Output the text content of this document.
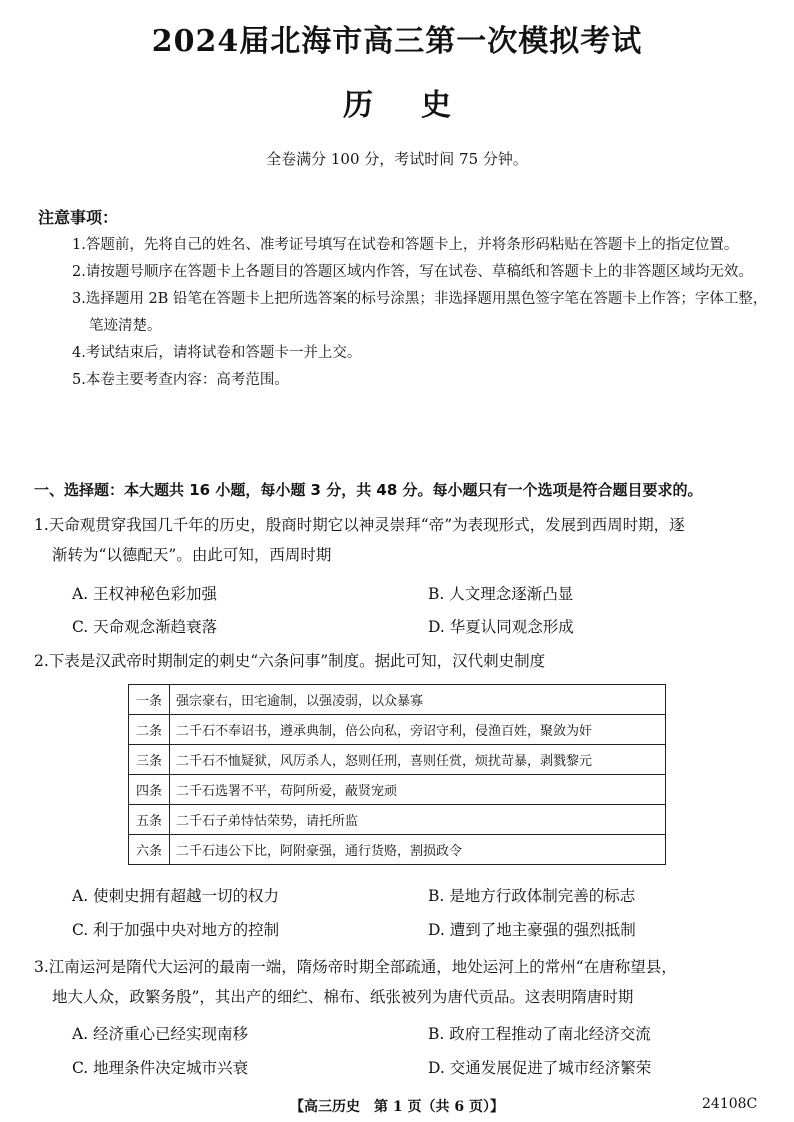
2024届北海市高三第一次模拟考试
历史
全卷满分 100 分，考试时间 75 分钟。
注意事项：
1.答题前，先将自己的姓名、准考证号填写在试卷和答题卡上，并将条形码粘贴在答题卡上的指定位置。
2.请按题号顺序在答题卡上各题目的答题区域内作答，写在试卷、草稿纸和答题卡上的非答题区域均无效。
3.选择题用 2B 铅笔在答题卡上把所选答案的标号涂黑；非选择题用黑色签字笔在答题卡上作答；字体工整，笔迹清楚。
4.考试结束后，请将试卷和答题卡一并上交。
5.本卷主要考查内容：高考范围。
一、选择题：本大题共 16 小题，每小题 3 分，共 48 分。每小题只有一个选项是符合题目要求的。
1.天命观贯穿我国几千年的历史，殷商时期它以神灵崇拜“帝”为表现形式，发展到西周时期，逐
渐转为“以德配天”。由此可知，西周时期
A. 王权神秘色彩加强	B. 人文理念逐渐凸显
C. 天命观念渐趋衰落	D. 华夏认同观念形成
2.下表是汉武帝时期制定的刺史“六条问事”制度。据此可知，汉代刺史制度
一条	强宗豪右，田宅逾制，以强凌弱，以众暴寡
二条	二千石不奉诏书，遵承典制，倍公向私，旁诏守利，侵渔百姓，聚敛为奸
三条	二千石不恤疑狱，风厉杀人，怒则任刑，喜则任赏，烦扰苛暴，剥戮黎元
四条	二千石选署不平，苟阿所爱，蔽贤宠顽
五条	二千石子弟恃怙荣势，请托所监
六条	二千石违公下比，阿附豪强，通行货赂，割损政令
A. 使刺史拥有超越一切的权力	B. 是地方行政体制完善的标志
C. 利于加强中央对地方的控制	D. 遭到了地主豪强的强烈抵制
3.江南运河是隋代大运河的最南一端，隋炀帝时期全部疏通，地处运河上的常州“在唐称望县，
地大人众，政繁务殷”，其出产的细纻、棉布、纸张被列为唐代贡品。这表明隋唐时期
A. 经济重心已经实现南移	B. 政府工程推动了南北经济交流
C. 地理条件决定城市兴衰	D. 交通发展促进了城市经济繁荣
【高三历史　第 1 页（共 6 页）】	24108C
